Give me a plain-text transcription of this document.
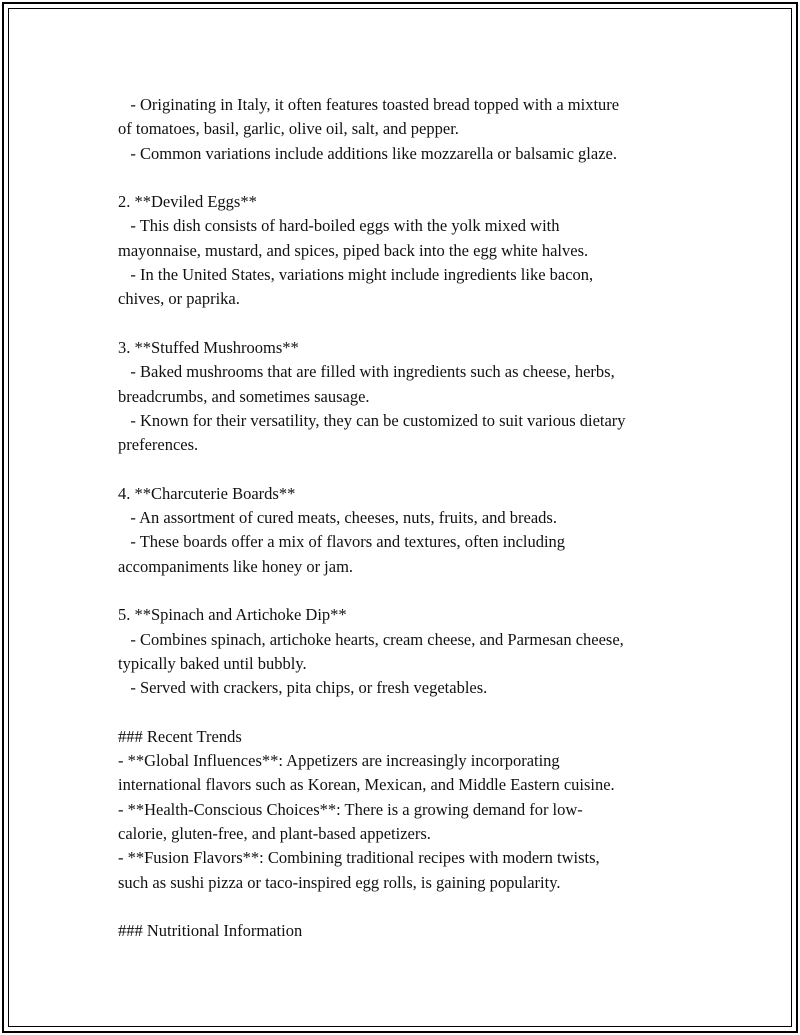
- Originating in Italy, it often features toasted bread topped with a mixture
of tomatoes, basil, garlic, olive oil, salt, and pepper.
- Common variations include additions like mozzarella or balsamic glaze.
2. **Deviled Eggs**
- This dish consists of hard-boiled eggs with the yolk mixed with
mayonnaise, mustard, and spices, piped back into the egg white halves.
- In the United States, variations might include ingredients like bacon,
chives, or paprika.
3. **Stuffed Mushrooms**
- Baked mushrooms that are filled with ingredients such as cheese, herbs,
breadcrumbs, and sometimes sausage.
- Known for their versatility, they can be customized to suit various dietary
preferences.
4. **Charcuterie Boards**
- An assortment of cured meats, cheeses, nuts, fruits, and breads.
- These boards offer a mix of flavors and textures, often including
accompaniments like honey or jam.
5. **Spinach and Artichoke Dip**
- Combines spinach, artichoke hearts, cream cheese, and Parmesan cheese,
typically baked until bubbly.
- Served with crackers, pita chips, or fresh vegetables.
### Recent Trends
- **Global Influences**: Appetizers are increasingly incorporating
international flavors such as Korean, Mexican, and Middle Eastern cuisine.
- **Health-Conscious Choices**: There is a growing demand for low-
calorie, gluten-free, and plant-based appetizers.
- **Fusion Flavors**: Combining traditional recipes with modern twists,
such as sushi pizza or taco-inspired egg rolls, is gaining popularity.
### Nutritional Information
